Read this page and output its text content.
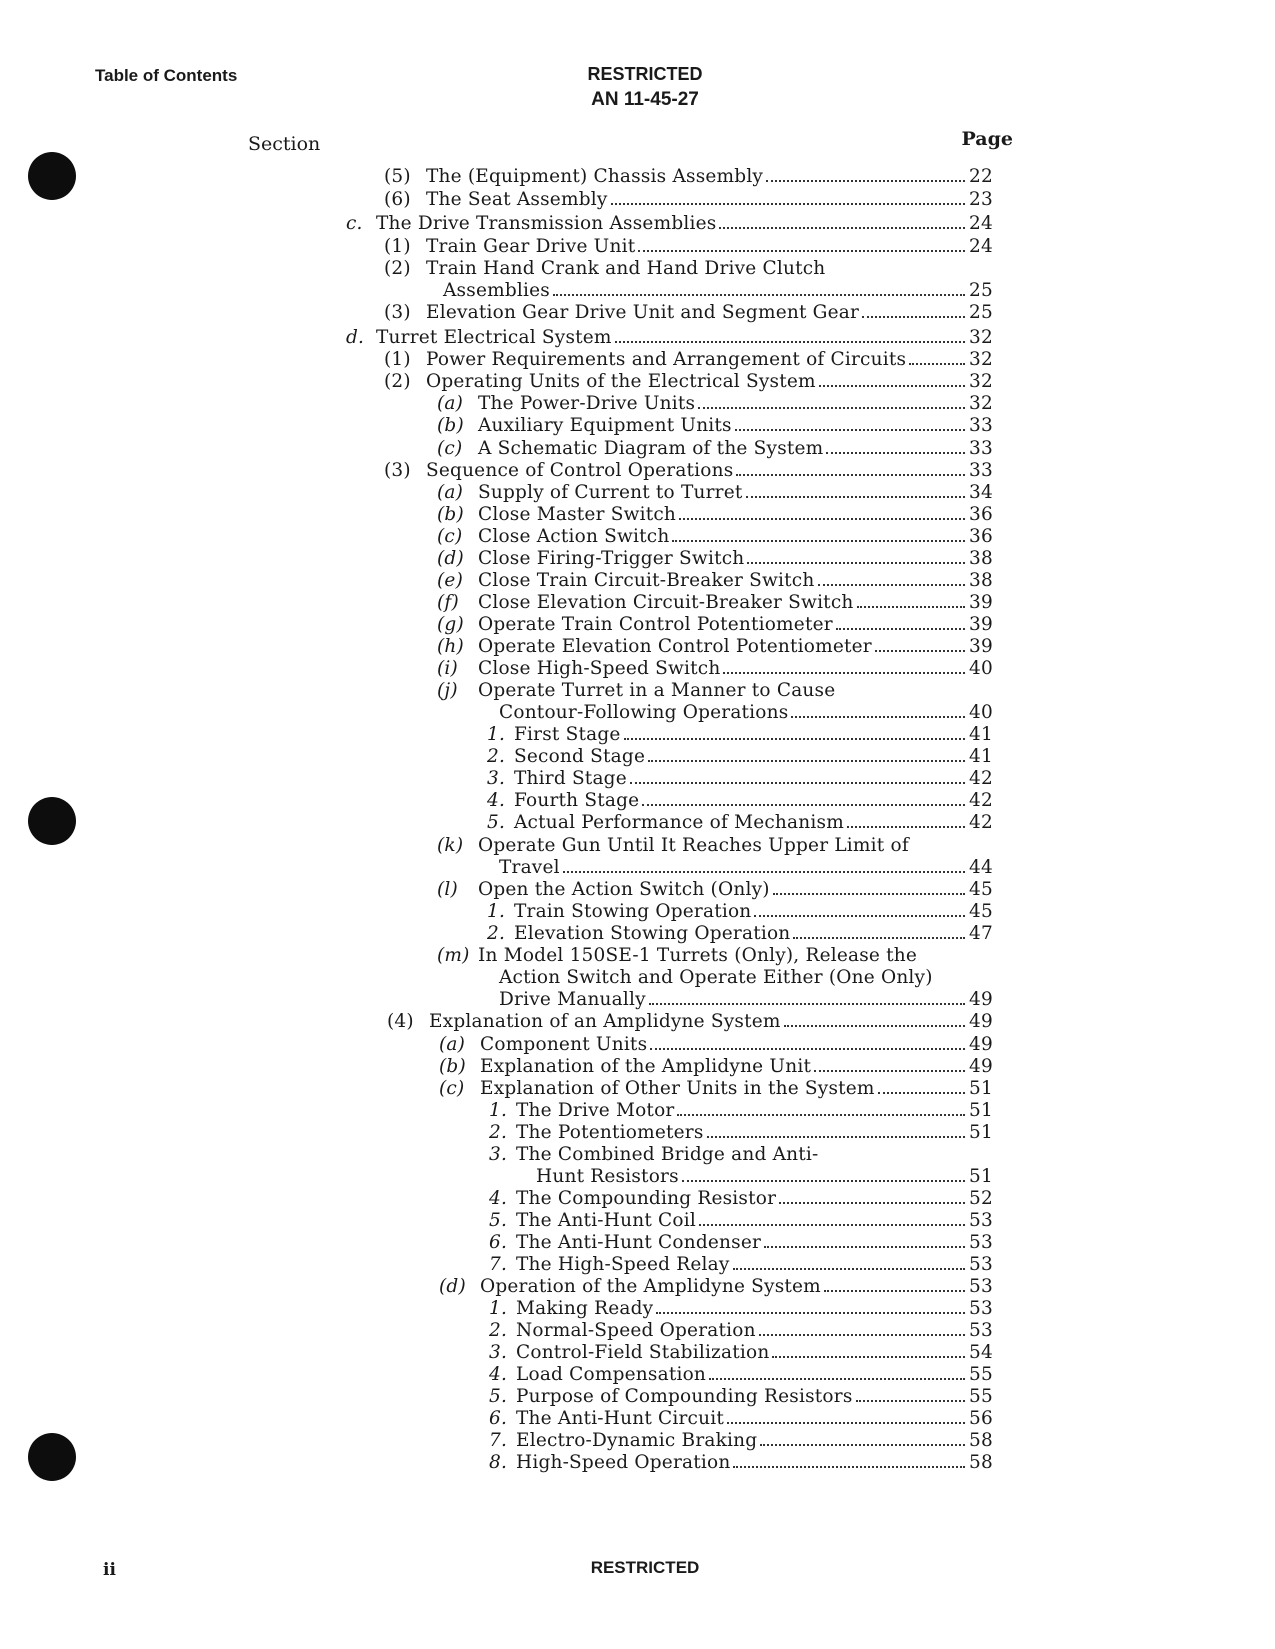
Table of Contents	RESTRICTED
AN 11-45-27
Section	Page
(5) The (Equipment) Chassis Assembly	22
(6) The Seat Assembly	23
c. The Drive Transmission Assemblies	24
(1) Train Gear Drive Unit	24
(2) Train Hand Crank and Hand Drive Clutch
Assemblies	25
(3) Elevation Gear Drive Unit and Segment Gear	25
d. Turret Electrical System	32
(1) Power Requirements and Arrangement of Circuits	32
(2) Operating Units of the Electrical System	32
(a) The Power-Drive Units	32
(b) Auxiliary Equipment Units	33
(c) A Schematic Diagram of the System	33
(3) Sequence of Control Operations	33
(a) Supply of Current to Turret	34
(b) Close Master Switch	36
(c) Close Action Switch	36
(d) Close Firing-Trigger Switch	38
(e) Close Train Circuit-Breaker Switch	38
(f)	Close Elevation Circuit-Breaker Switch	39
(g) Operate Train Control Potentiometer	39
(h) Operate Elevation Control Potentiometer	39
(i)	Close High-Speed Switch	40
(j)	Operate Turret in a Manner to Cause
Contour-Following Operations	40
1. First Stage	41
2. Second Stage	41
3. Third Stage	42
4. Fourth Stage	42
5. Actual Performance of Mechanism	42
(k) Operate Gun Until It Reaches Upper Limit of
Travel	44
(l)	Open the Action Switch (Only)	45
1. Train Stowing Operation	45
2. Elevation Stowing Operation	47
(m) In Model 150SE-1 Turrets (Only), Release the
Action Switch and Operate Either (One Only)
Drive Manually	49
(4) Explanation of an Amplidyne System	49
(a) Component Units	49
(b) Explanation of the Amplidyne Unit	49
(c) Explanation of Other Units in the System	51
1. The Drive Motor	51
2. The Potentiometers	51
3. The Combined Bridge and Anti-
Hunt Resistors	51
4. The Compounding Resistor	52
5. The Anti-Hunt Coil	53
6. The Anti-Hunt Condenser	53
7. The High-Speed Relay	53
(d) Operation of the Amplidyne System	53
1. Making Ready	53
2. Normal-Speed Operation	53
3. Control-Field Stabilization	54
4. Load Compensation	55
5. Purpose of Compounding Resistors	55
6. The Anti-Hunt Circuit	56
7. Electro-Dynamic Braking	58
8. High-Speed Operation	58
ii	RESTRICTED
